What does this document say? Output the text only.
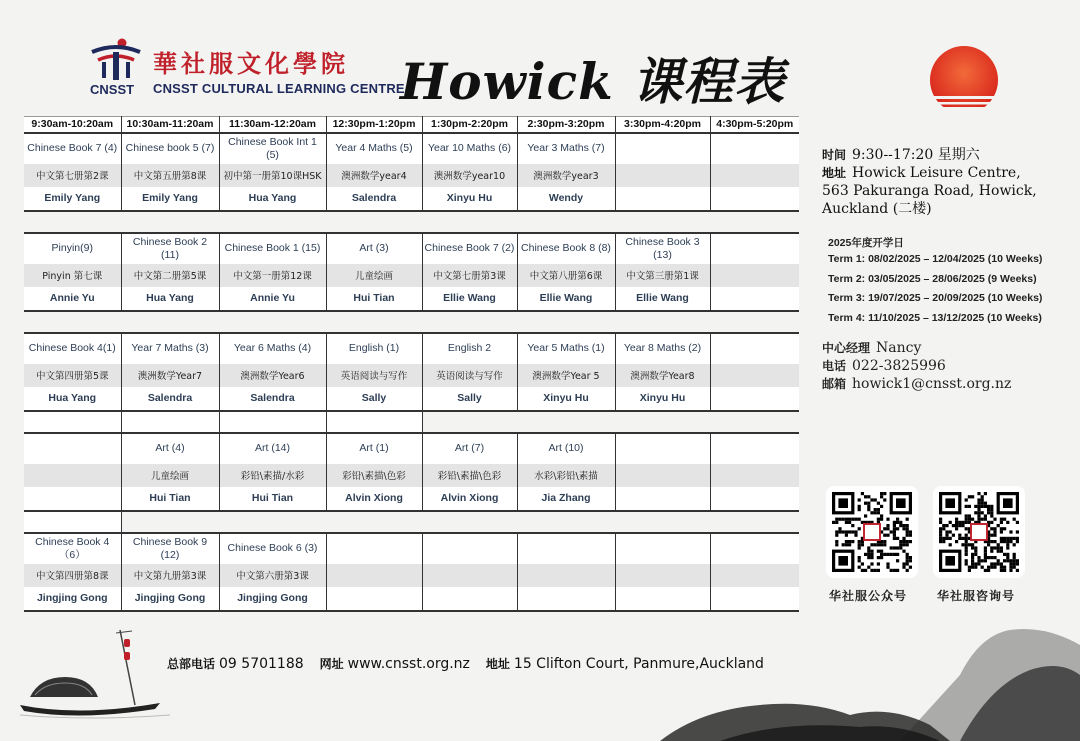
CNSST
華社服文化學院
CNSST CULTURAL LEARNING CENTRE
Howick 课程表
9:30am-10:20am	10:30am-11:20am	11:30am-12:20am	12:30pm-1:20pm	1:30pm-2:20pm	2:30pm-3:20pm	3:30pm-4:20pm	4:30pm-5:20pm
Chinese Book 7 (4)	Chinese book 5 (7)	Chinese Book Int 1 (5)	Year 4 Maths (5)	Year 10 Maths (6)	Year 3 Maths (7)		
中文第七册第2课	中文第五册第8课	初中第一册第10课HSK	澳洲数学year4	澳洲数学year10	澳洲数学year3		
Emily Yang	Emily Yang	Hua Yang	Salendra	Xinyu Hu	Wendy		

Pinyin(9)	Chinese Book 2 (11)	Chinese Book 1 (15)	Art (3)	Chinese Book 7 (2)	Chinese Book 8 (8)	Chinese Book 3 (13)	
Pinyin 第七课	中文第二册第5课	中文第一册第12课	儿童绘画	中文第七册第3课	中文第八册第6课	中文第三册第1课	
Annie Yu	Hua Yang	Annie Yu	Hui Tian	Ellie Wang	Ellie Wang	Ellie Wang	

Chinese Book 4(1)	Year 7 Maths (3)	Year 6 Maths (4)	English (1)	English 2	Year 5 Maths (1)	Year 8 Maths (2)	
中文第四册第5课	澳洲数学Year7	澳洲数学Year6	英语阅读与写作	英语阅读与写作	澳洲数学Year 5	澳洲数学Year8	
Hua Yang	Salendra	Salendra	Sally	Sally	Xinyu Hu	Xinyu Hu	

	Art (4)	Art (14)	Art (1)	Art (7)	Art (10)		
	儿童绘画	彩铅\素描/水彩	彩铅\素描\色彩	彩铅\素描\色彩	水彩\彩铅\素描		
	Hui Tian	Hui Tian	Alvin Xiong	Alvin Xiong	Jia Zhang		

Chinese Book 4（6）	Chinese Book 9 (12)	Chinese Book 6 (3)					
中文第四册第8课	中文第九册第3课	中文第六册第3课					
Jingjing Gong	Jingjing Gong	Jingjing Gong					
时间 9:30--17:20 星期六
地址 Howick Leisure Centre,
563 Pakuranga Road, Howick,
Auckland (二楼)
2025年度开学日
Term 1: 08/02/2025 – 12/04/2025 (10 Weeks)
Term 2: 03/05/2025 – 28/06/2025 (9 Weeks)
Term 3: 19/07/2025 – 20/09/2025 (10 Weeks)
Term 4: 11/10/2025 – 13/12/2025 (10 Weeks)
中心经理 Nancy
电话 022-3825996
邮箱 howick1@cnsst.org.nz
华社服公众号 华社服咨询号
总部电话 09 5701188 网址 www.cnsst.org.nz 地址 15 Clifton Court, Panmure,Auckland
